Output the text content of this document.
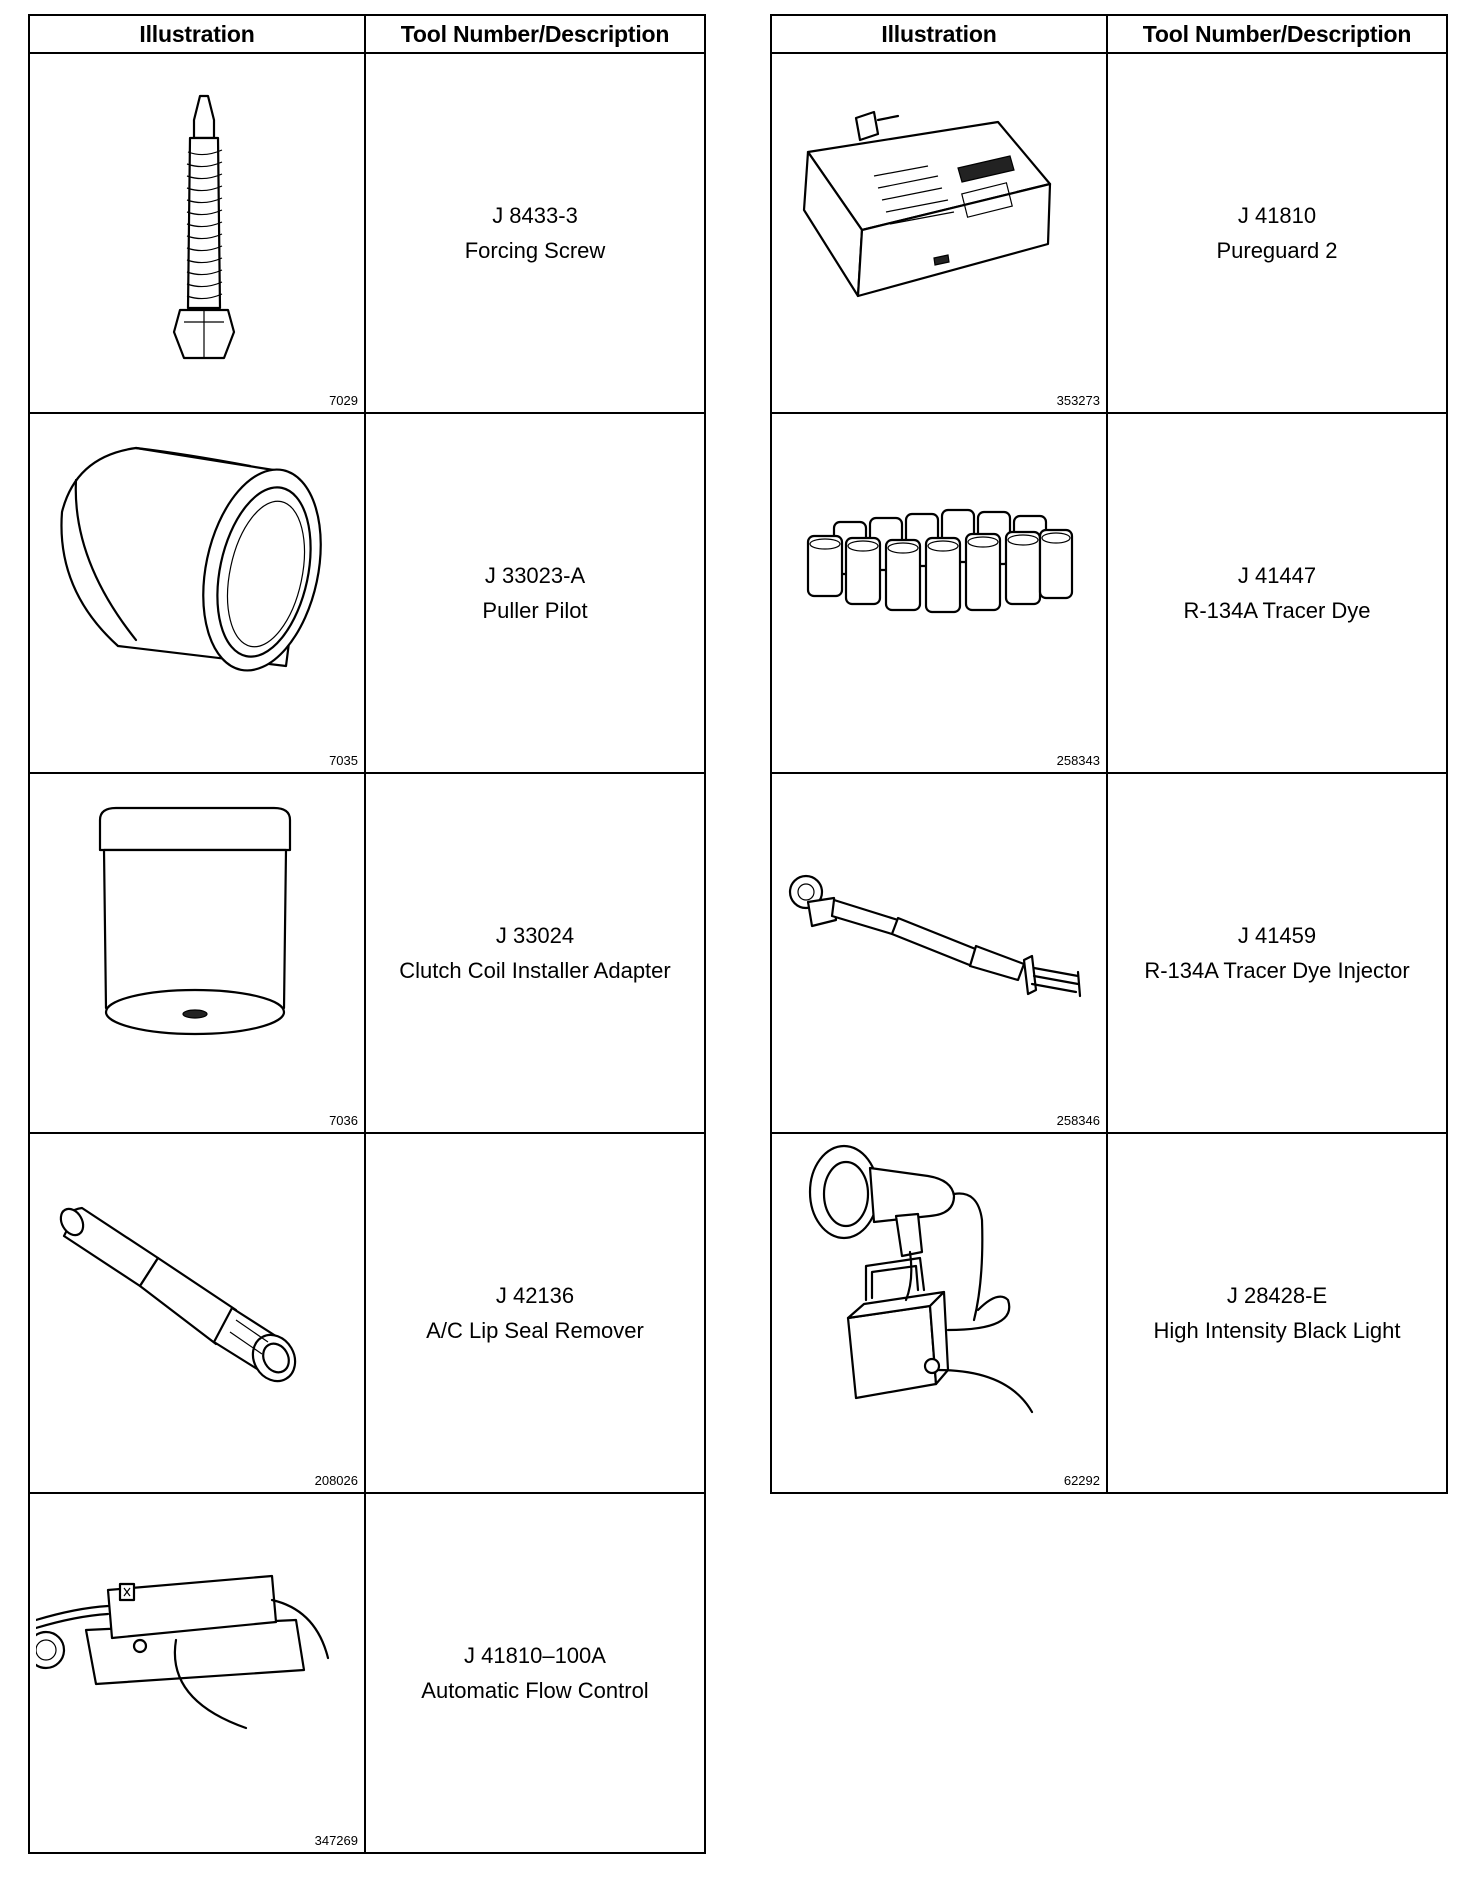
Illustration	Tool Number/Description

7029	J 8433-3
Forcing Screw

7035	J 33023-A
Puller Pilot

7036	J 33024
Clutch Coil Installer Adapter

208026	J 42136
A/C Lip Seal Remover

347269	J 41810–100A
Automatic Flow Control
Illustration	Tool Number/Description

353273	J 41810
Pureguard 2

258343	J 41447
R-134A Tracer Dye

258346	J 41459
R-134A Tracer Dye Injector

62292	J 28428-E
High Intensity Black Light
